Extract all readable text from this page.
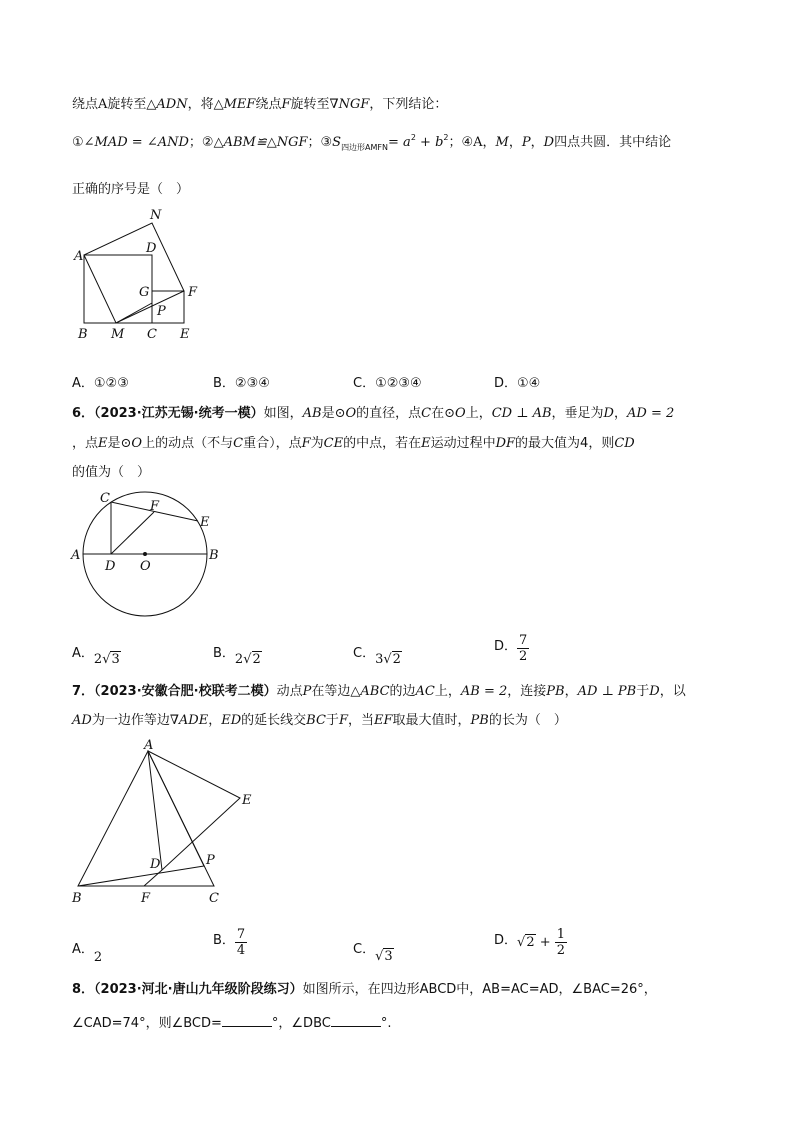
绕点A旋转至△ADN，将△MEF绕点F旋转至∇NGF，下列结论：
①∠MAD = ∠AND；②△ABM≌△NGF；$③S_{四边形AMFN}= a^2 + b^2$；④A，M，P，D四点共圆．其中结论
正确的序号是（　）
A
N
D
G	F
P
B M C E
A．①②③	B．②③④	C．①②③④	D．①④
6．（2023·江苏无锡·统考一模）如图，AB是⊙O的直径，点C在⊙O上，CD ⊥ AB，垂足为D，AD = 2
，点E是⊙O上的动点（不与C重合），点F为CE的中点，若在E运动过程中DF的最大值为4，则CD
的值为（　）
C
F
E
A
D O
B
A．2√3	B．2√2	C．3√2
D． $\frac{7}{2}$
7．（2023·安徽合肥·校联考二模）动点P在等边△ABC的边AC上，AB = 2，连接PB，AD ⊥ PB于D，以
AD为一边作等边∇ADE，ED的延长线交BC于F，当EF取最大值时，PB的长为（　）
A
E
D	P
B	F	C
A．2
B． $\frac{7}{4}$	C．√3
D．$√2 + \frac{1}{2}$
8．（2023·河北·唐山九年级阶段练习）如图所示，在四边形ABCD中，AB=AC=AD，∠BAC=26°，
∠CAD=74°，则∠BCD=	°，∠DBC	°.
